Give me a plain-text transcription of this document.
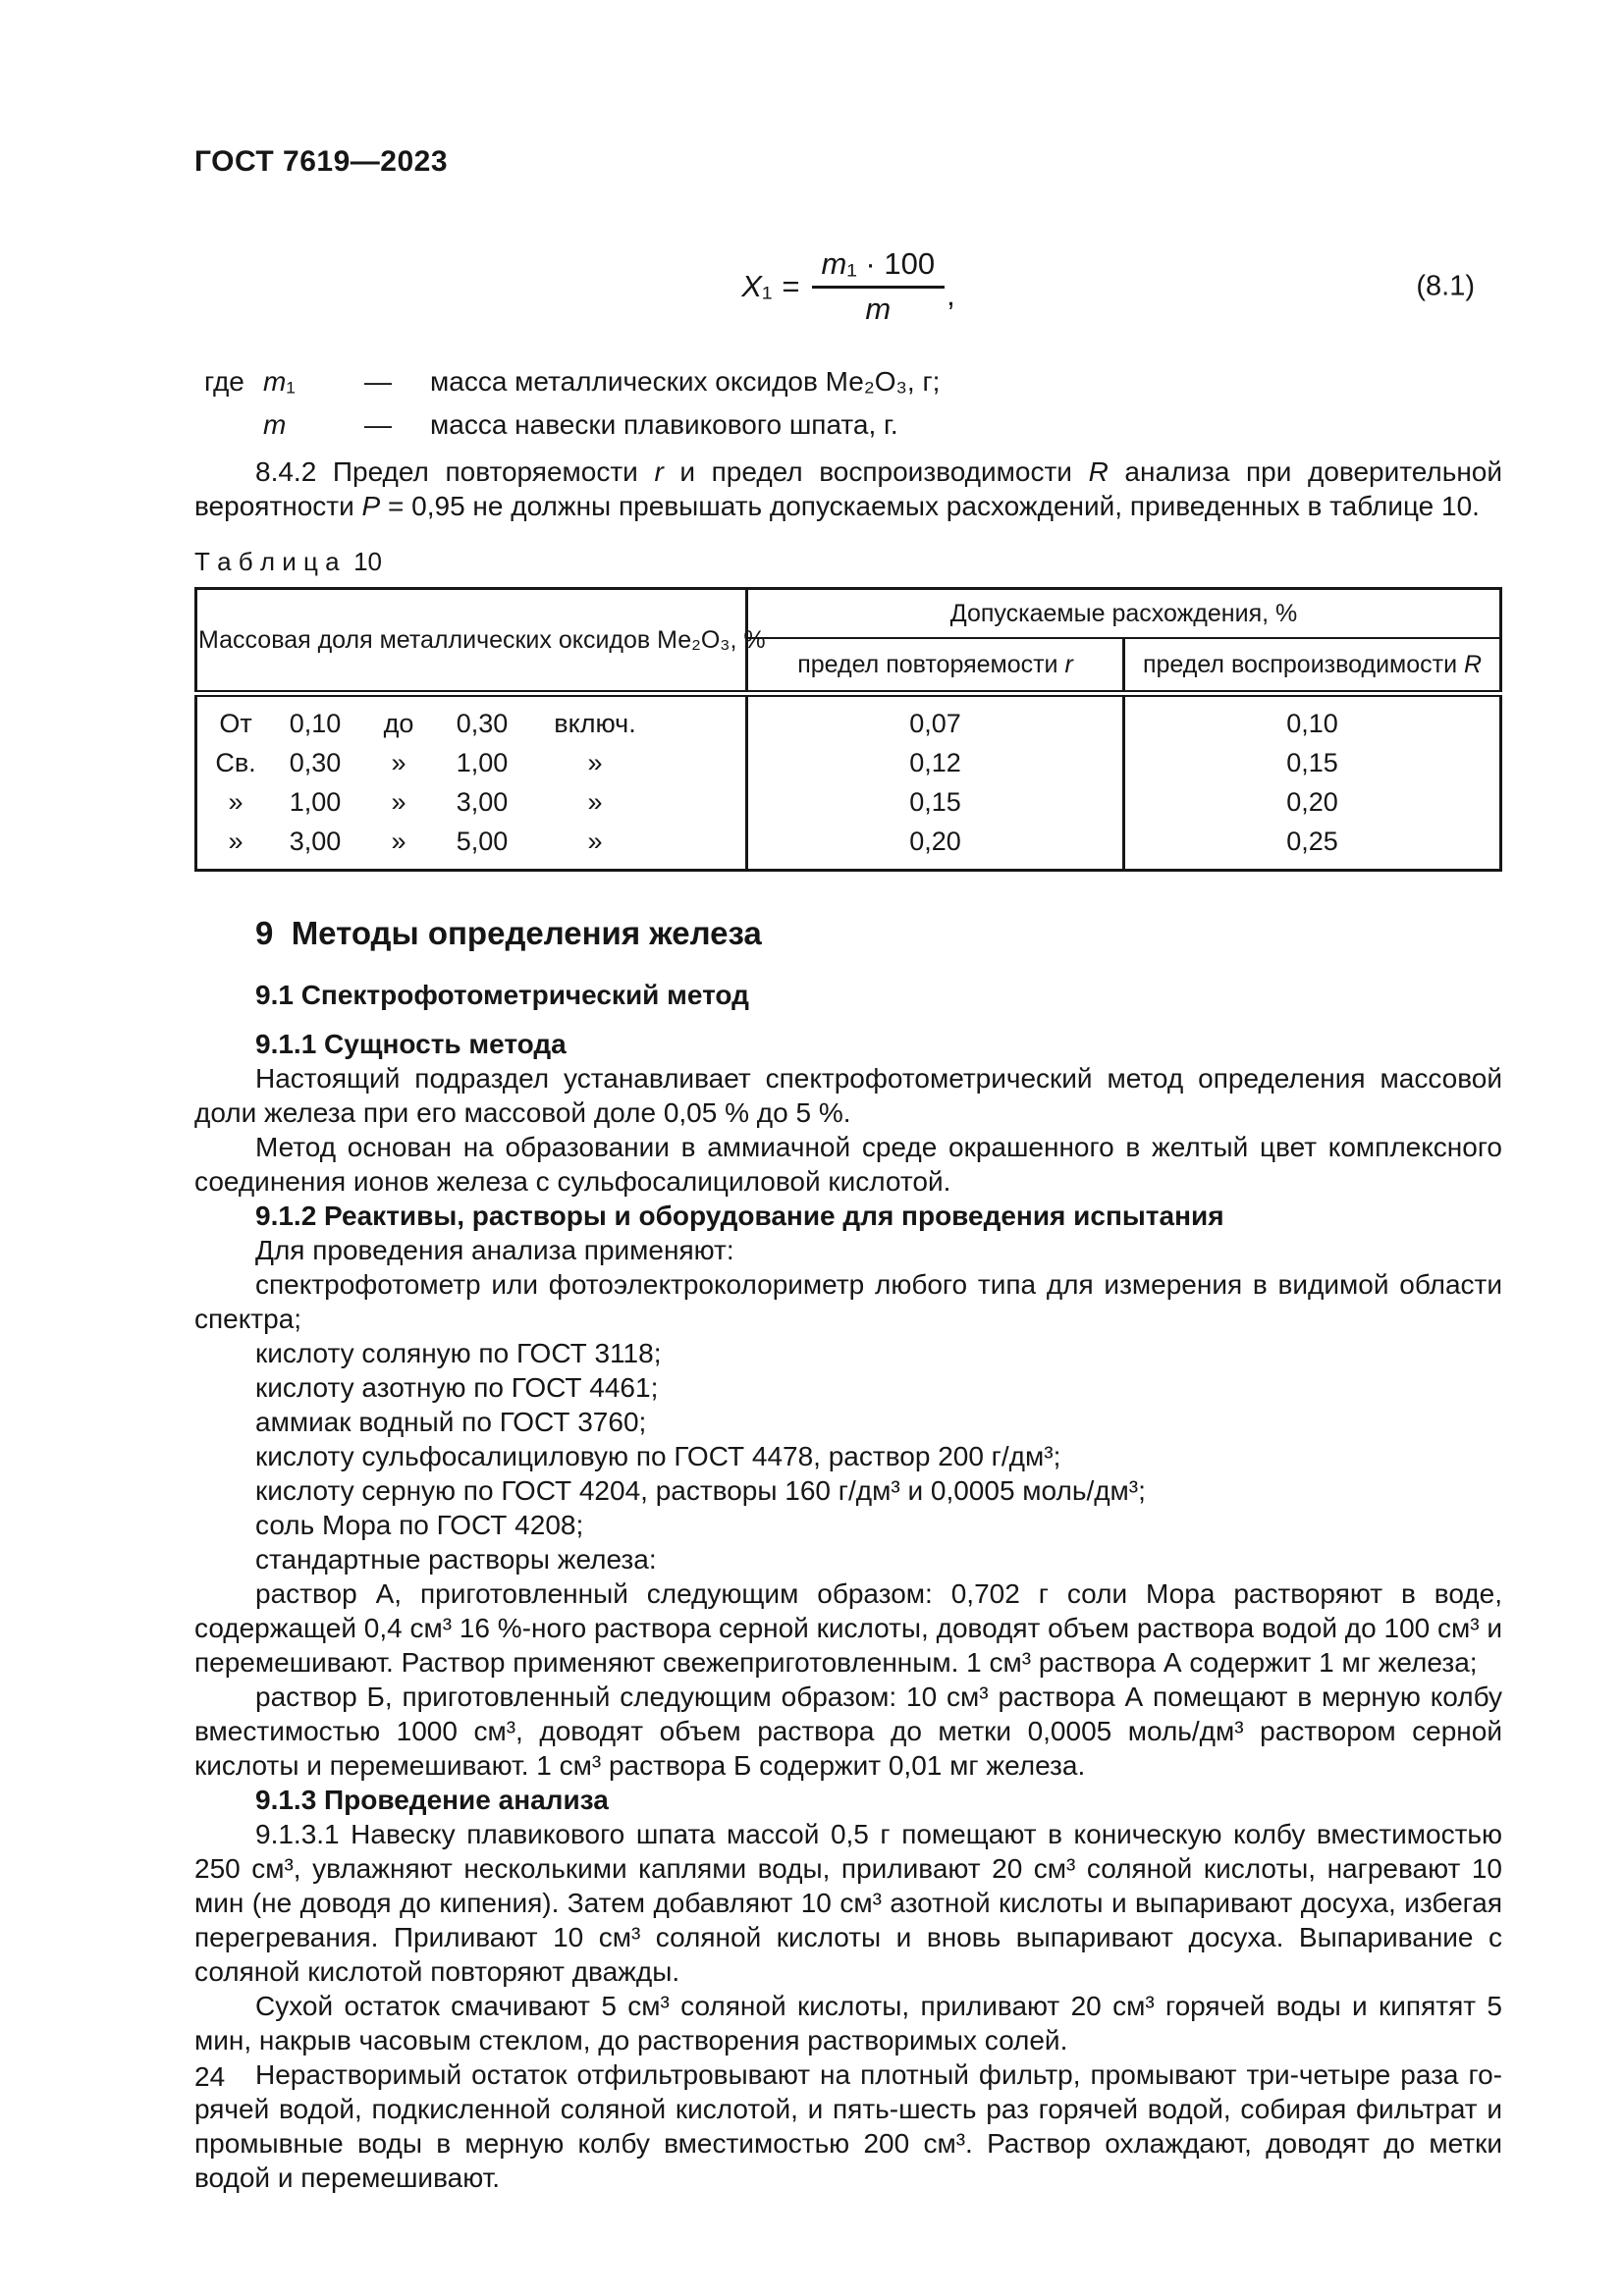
ГОСТ 7619—2023
$X_1 = \frac{\text{m₁ · 100}}{m}$ ,	(8.1)
где m₁	—	масса металлических оксидов Ме₂О₃, г;
m	—	масса навески плавикового шпата, г.

8.4.2 Предел повторяемости r и предел воспроизводимости R анализа при доверительной вероятности Р = 0,95 не должны превышать допускаемых расхождений, приведенных в таблице 10.

Т а б л и ц а  10
Массовая доля металлических оксидов Ме₂О₃, %	Допускаемые расхождения, %	
	предел повторяемости r	предел воспроизводимости R

От 0,10 до 0,30 включ.	0,07	0,10

Св. 0,30 » 1,00 »	0,12	0,15

» 1,00 » 3,00 »	0,15	0,20

» 3,00 » 5,00 »	0,20	0,25
9  Методы определения железа
9.1 Спектрофотометрический метод
9.1.1 Сущность метода

Настоящий подраздел устанавливает спектрофотометрический метод определения массовой доли железа при его массовой доле 0,05 % до 5 %.

Метод основан на образовании в аммиачной среде окрашенного в желтый цвет комплексного соединения ионов железа с сульфосалициловой кислотой.

9.1.2 Реактивы, растворы и оборудование для проведения испытания

Для проведения анализа применяют:

спектрофотометр или фотоэлектроколориметр любого типа для измерения в видимой области спектра;

кислоту соляную по ГОСТ 3118;

кислоту азотную по ГОСТ 4461;

аммиак водный по ГОСТ 3760;

кислоту сульфосалициловую по ГОСТ 4478, раствор 200 г/дм³;

кислоту серную по ГОСТ 4204, растворы 160 г/дм³ и 0,0005 моль/дм³;

соль Мора по ГОСТ 4208;

стандартные растворы железа:

раствор А, приготовленный следующим образом: 0,702 г соли Мора растворяют в воде, содержащей 0,4 см³ 16 %-ного раствора серной кислоты, доводят объем раствора водой до 100 см³ и перемешивают. Раствор применяют свежеприготовленным. 1 см³ раствора А содержит 1 мг железа;

раствор Б, приготовленный следующим образом: 10 см³ раствора А помещают в мерную колбу вместимостью 1000 см³, доводят объем раствора до метки 0,0005 моль/дм³ раствором серной кислоты и перемешивают. 1 см³ раствора Б содержит 0,01 мг железа.

9.1.3 Проведение анализа

9.1.3.1 Навеску плавикового шпата массой 0,5 г помещают в коническую колбу вместимостью 250 см³, увлажняют несколькими каплями воды, приливают 20 см³ соляной кислоты, нагревают 10 мин (не доводя до кипения). Затем добавляют 10 см³ азотной кислоты и выпаривают досуха, избегая перегревания. Приливают 10 см³ соляной кислоты и вновь выпаривают досуха. Выпаривание с соляной кислотой повторяют дважды.

Сухой остаток смачивают 5 см³ соляной кислоты, приливают 20 см³ горячей воды и кипятят 5 мин, накрыв часовым стеклом, до растворения растворимых солей.

Нерастворимый остаток отфильтровывают на плотный фильтр, промывают три-четыре раза горячей водой, подкисленной соляной кислотой, и пять-шесть раз горячей водой, собирая фильтрат и промывные воды в мерную колбу вместимостью 200 см³. Раствор охлаждают, доводят до метки водой и перемешивают.

24
